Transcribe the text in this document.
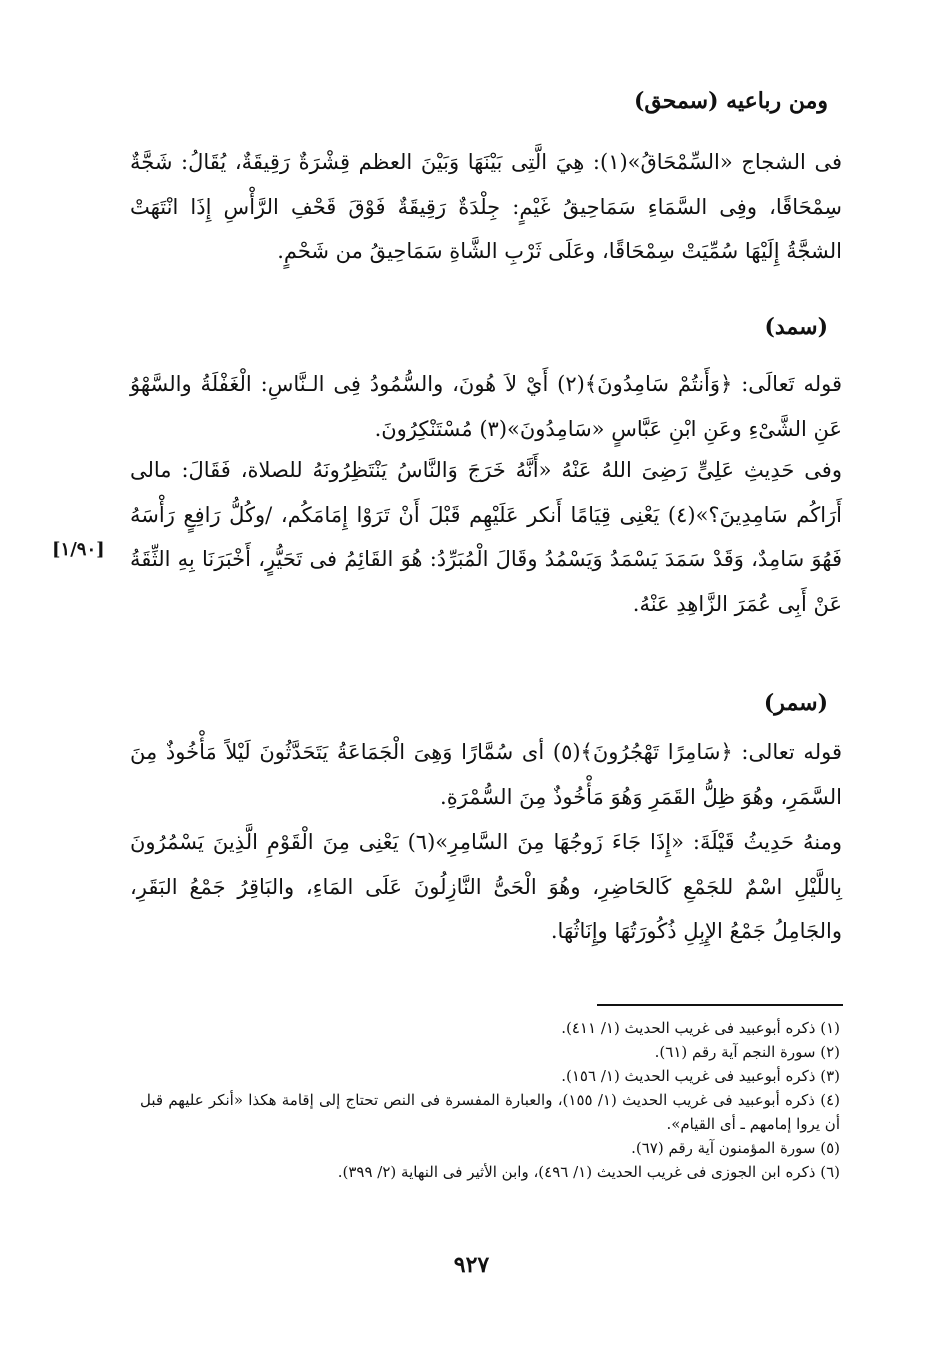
ومن رباعيه (سمحق)
فى الشجاج «السِّمْحَاقُ»(١): هِيَ الَّتِى بَيْنَهَا وَبَيْنَ العظم قِشْرَةٌ رَقِيقَةٌ، يُقَالُ: شَجَّةٌ سِمْحَاقًا، وفِى السَّمَاءِ سَمَاحِيقُ غَيْمٍ: جِلْدَةٌ رَقِيقَةٌ فَوْقَ قَحْفِ الرَّأْسِ إِذَا انْتَهَتْ الشجَّةُ إِلَيْهَا سُمِّيَتْ سِمْحَاقًا، وعَلَى ثَرْبِ الشَّاةِ سَمَاحِيقُ من شَحْمٍ.
(سمد)
قوله تَعالَى: ﴿وَأَنتُمْ سَامِدُونَ﴾(٢) أَيْ لاَ هُونَ، والسُّمُودُ فِى الـنَّاسِ: الْغَفْلَةُ والسَّهْوُ عَنِ الشَّىْءِ وعَنِ ابْنِ عَبَّاسٍ «سَامِدُونَ»(٣) مُسْتَنْكِرُونَ.
وفى حَدِيثِ عَلِىٍّ رَضِىَ اللهُ عَنْهُ «أَنَّهُ خَرَجَ وَالنَّاسُ يَنْتَظِرُونَهُ للصلاة، فَقَالَ: مالى أَرَاكُم سَامِدِينَ؟»(٤) يَعْنِى قِيَامًا أَنكر عَلَيْهِم قَبْلَ أَنْ تَرَوْا إِمَامَكُم، /وكُلُّ رَافِعٍ رَأْسَهُ فَهُوَ سَامِدٌ، وَقَدْ سَمَدَ يَسْمَدُ وَيَسْمُدُ وقَالَ الْمُبَرِّدُ: هُوَ القَائِمُ فى تَحَيُّرٍ، أَخْبَرَنَا بِهِ الثِّقَةُ عَنْ أَبِى عُمَرَ الزَّاهِدِ عَنْهُ.
[١/٩٠]
(سمر)
قوله تعالى: ﴿سَامِرًا تَهْجُرُونَ﴾(٥) أى سُمَّارًا وَهِىَ الْجَمَاعَةُ يَتَحَدَّثُونَ لَيْلاً مَأْخُوذٌ مِنَ السَّمَرِ، وهُوَ ظِلُّ القَمَرِ وَهُوَ مَأْخُوذٌ مِنَ السُّمْرَةِ.
ومنهُ حَدِيثُ قَيْلَةَ: «إِذَا جَاءَ زَوجُهَا مِنَ السَّامِرِ»(٦) يَعْنِى مِنَ الْقَوْمِ الَّذِينَ يَسْمُرُونَ بِاللَّيْلِ اسْمٌ للجَمْعِ كَالحَاضِرِ، وهُوَ الْحَىُّ النَّازِلُونَ عَلَى المَاءِ، والبَاقِرُ جَمْعُ البَقَرِ، والجَامِلُ جَمْعُ الإِبِلِ ذُكُورَتُهَا وإِنَاثُهَا.

(١) ذكره أبوعبيد فى غريب الحديث (١/ ٤١١).

(٢) سورة النجم آية رقم (٦١).

(٣) ذكره أبوعبيد فى غريب الحديث (١/ ١٥٦).

(٤) ذكره أبوعبيد فى غريب الحديث (١/ ١٥٥)، والعبارة المفسرة فى النص تحتاج إلى إقامة هكذا «أنكر عليهم قبل أن يروا إمامهم ـ أى القيام».

(٥) سورة المؤمنون آية رقم (٦٧).

(٦) ذكره ابن الجوزى فى غريب الحديث (١/ ٤٩٦)، وابن الأثير فى النهاية (٢/ ٣٩٩).

٩٢٧
